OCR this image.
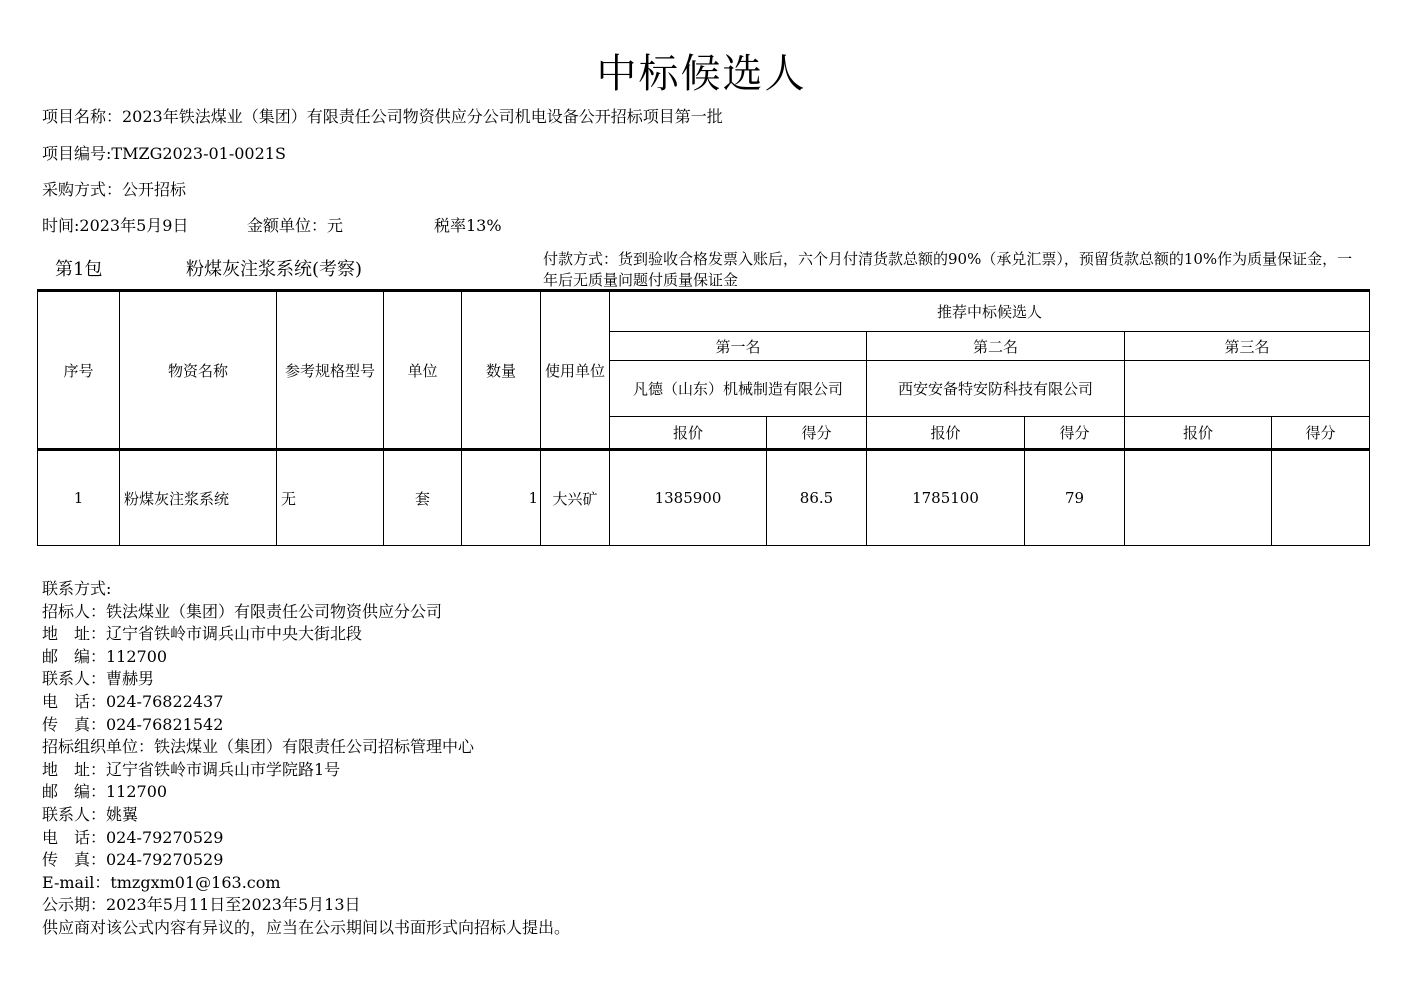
中标候选人
项目名称：2023年铁法煤业（集团）有限责任公司物资供应分公司机电设备公开招标项目第一批
项目编号:TMZG2023-01-0021S
采购方式：公开招标
时间:2023年5月9日	金额单位：元	税率13%
第1包	粉煤灰注浆系统(考察)	付款方式：货到验收合格发票入账后，六个月付清货款总额的90%（承兑汇票），预留货款总额的10%作为质量保证金，一年后无质量问题付质量保证金
序号	物资名称	参考规格型号	单位	数量	使用单位	推荐中标候选人					
						第一名		第二名		第三名	
						凡德（山东）机械制造有限公司		西安安备特安防科技有限公司			
						报价	得分	报价	得分	报价	得分
1	粉煤灰注浆系统	无	套	1	大兴矿	1385900	86.5	1785100	79		
联系方式:
招标人：铁法煤业（集团）有限责任公司物资供应分公司
地　址：辽宁省铁岭市调兵山市中央大街北段
邮　编：112700
联系人：曹赫男
电　话：024-76822437
传　真：024-76821542
招标组织单位：铁法煤业（集团）有限责任公司招标管理中心
地　址：辽宁省铁岭市调兵山市学院路1号
邮　编：112700
联系人：姚翼
电　话：024-79270529
传　真：024-79270529
E-mail：tmzgxm01@163.com
公示期：2023年5月11日至2023年5月13日
供应商对该公式内容有异议的，应当在公示期间以书面形式向招标人提出。
